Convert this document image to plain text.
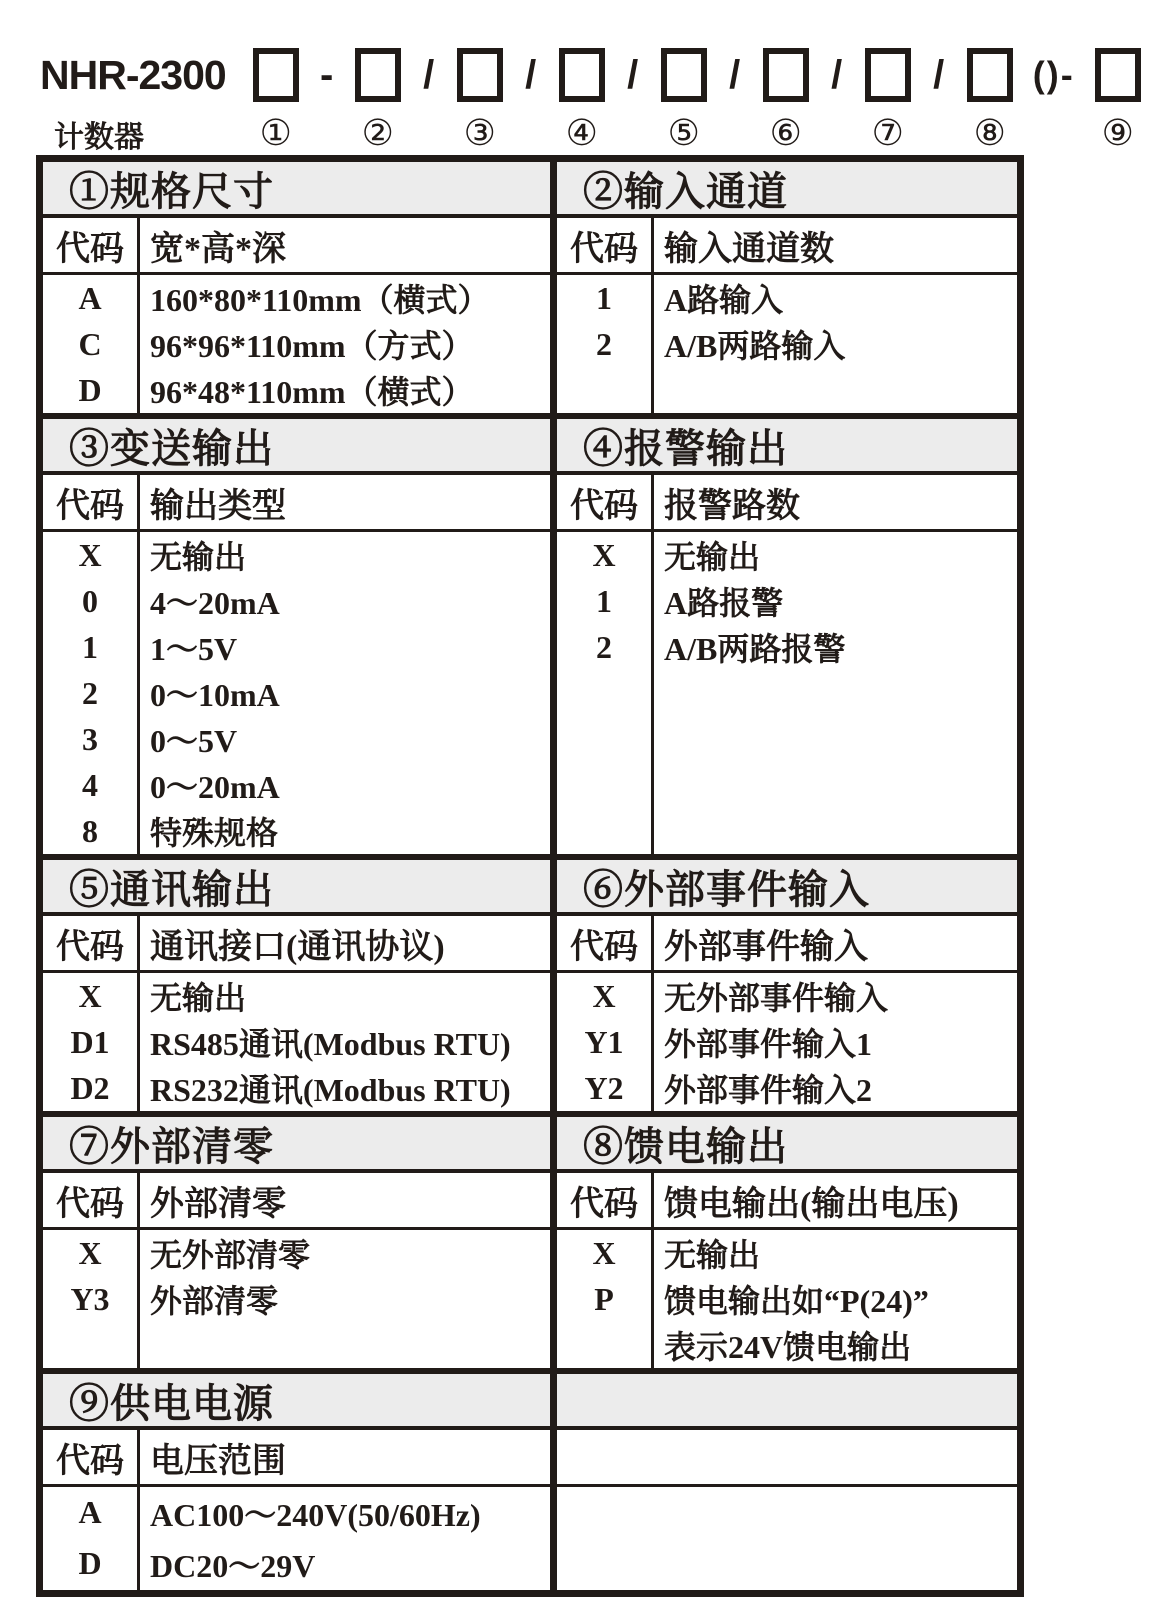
NHR-2300
计数器	①
-
②
/
③
/
④
/
⑤
/
⑥
/
⑦
/
⑧
()-
⑨
①规格尺寸
代码 宽*高*深
A
C
D
160*80*110mm（横式）
96*96*110mm（方式）
96*48*110mm（横式）
②输入通道
代码 输入通道数
1
2
A路输入
A/B两路输入
③变送输出
代码 输出类型
X
0
1
2
3
4
8
无输出
4～20mA
1～5V
0～10mA
0～5V
0～20mA
特殊规格
④报警输出
代码 报警路数
X
1
2
无输出
A路报警
A/B两路报警
⑤通讯输出
代码 通讯接口(通讯协议)
X
D1
D2
无输出
RS485通讯(Modbus RTU)
RS232通讯(Modbus RTU)
⑥外部事件输入
代码 外部事件输入
X
Y1
Y2
无外部事件输入
外部事件输入1
外部事件输入2
⑦外部清零
代码 外部清零
X
Y3
无外部清零
外部清零
⑧馈电输出
代码 馈电输出(输出电压)
X
P
无输出
馈电输出如“P(24)”
表示24V馈电输出
⑨供电电源
代码 电压范围
A
D
AC100～240V(50/60Hz)
DC20～29V
